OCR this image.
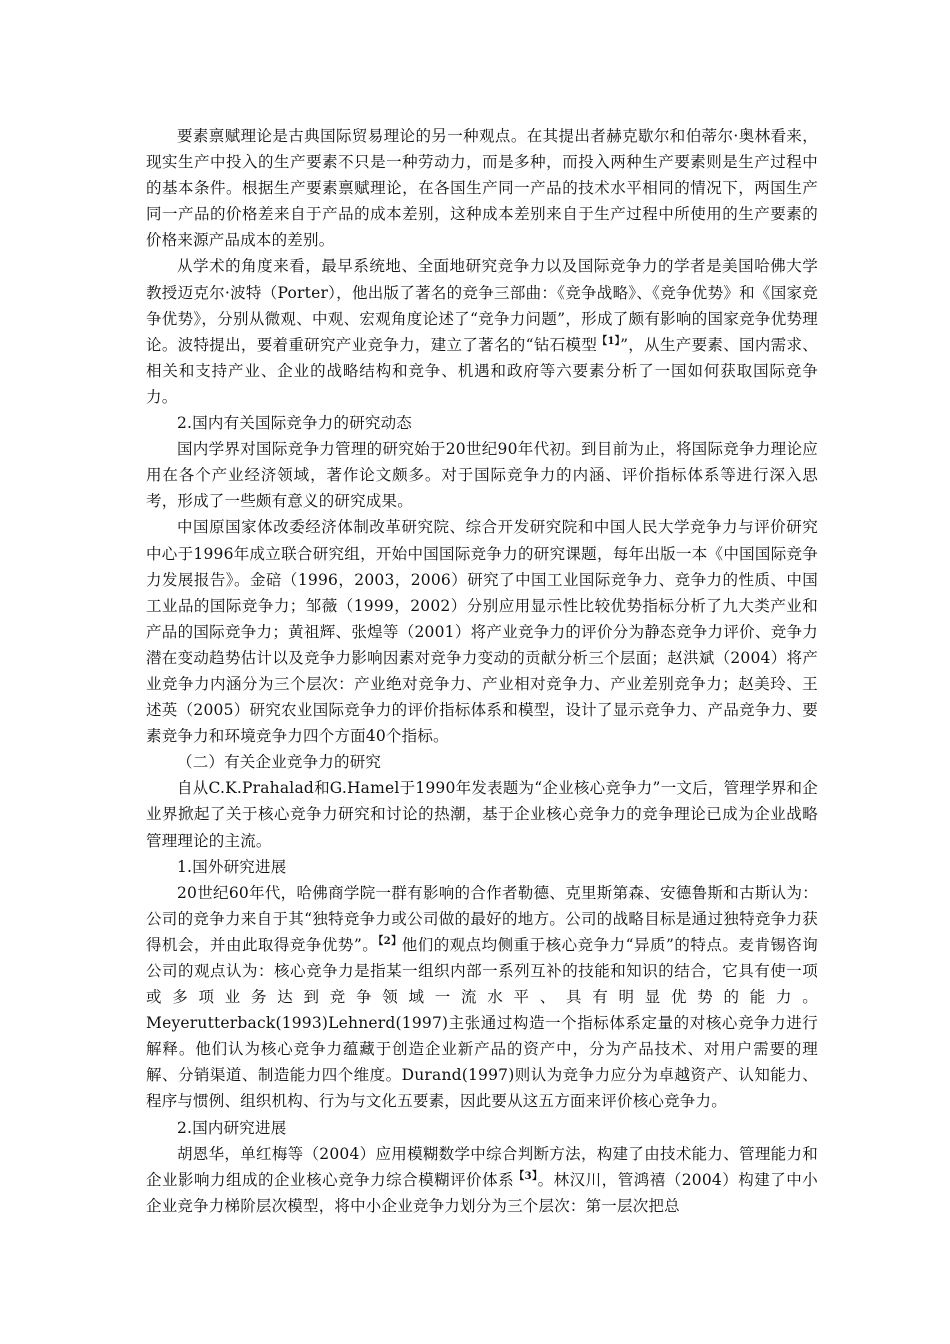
要素禀赋理论是古典国际贸易理论的另一种观点。在其提出者赫克歇尔和伯蒂尔·奥林看来，现实生产中投入的生产要素不只是一种劳动力，而是多种，而投入两种生产要素则是生产过程中的基本条件。根据生产要素禀赋理论，在各国生产同一产品的技术水平相同的情况下，两国生产同一产品的价格差来自于产品的成本差别，这种成本差别来自于生产过程中所使用的生产要素的价格来源产品成本的差别。

从学术的角度来看，最早系统地、全面地研究竞争力以及国际竞争力的学者是美国哈佛大学教授迈克尔·波特（Porter），他出版了著名的竞争三部曲：《竞争战略》、《竞争优势》和《国家竞争优势》，分别从微观、中观、宏观角度论述了“竞争力问题”，形成了颇有影响的国家竞争优势理论。波特提出，要着重研究产业竞争力，建立了著名的“钻石模型$^{【1】}$”，从生产要素、国内需求、相关和支持产业、企业的战略结构和竞争、机遇和政府等六要素分析了一国如何获取国际竞争力。

2.国内有关国际竞争力的研究动态

国内学界对国际竞争力管理的研究始于20世纪90年代初。到目前为止，将国际竞争力理论应用在各个产业经济领域，著作论文颇多。对于国际竞争力的内涵、评价指标体系等进行深入思考，形成了一些颇有意义的研究成果。

中国原国家体改委经济体制改革研究院、综合开发研究院和中国人民大学竞争力与评价研究中心于1996年成立联合研究组，开始中国国际竞争力的研究课题，每年出版一本《中国国际竞争力发展报告》。金碚（1996，2003，2006）研究了中国工业国际竞争力、竞争力的性质、中国工业品的国际竞争力；邹薇（1999，2002）分别应用显示性比较优势指标分析了九大类产业和产品的国际竞争力；黄祖辉、张煌等（2001）将产业竞争力的评价分为静态竞争力评价、竞争力潜在变动趋势估计以及竞争力影响因素对竞争力变动的贡献分析三个层面；赵洪斌（2004）将产业竞争力内涵分为三个层次：产业绝对竞争力、产业相对竞争力、产业差别竞争力；赵美玲、王述英（2005）研究农业国际竞争力的评价指标体系和模型，设计了显示竞争力、产品竞争力、要素竞争力和环境竞争力四个方面40个指标。

（二）有关企业竞争力的研究

自从C.K.Prahalad和G.Hamel于1990年发表题为“企业核心竞争力”一文后，管理学界和企业界掀起了关于核心竞争力研究和讨论的热潮，基于企业核心竞争力的竞争理论已成为企业战略管理理论的主流。

1.国外研究进展

20世纪60年代，哈佛商学院一群有影响的合作者勒德、克里斯第森、安德鲁斯和古斯认为：公司的竞争力来自于其“独特竞争力或公司做的最好的地方。公司的战略目标是通过独特竞争力获得机会，并由此取得竞争优势”。$^{【2】}$他们的观点均侧重于核心竞争力“异质”的特点。麦肯锡咨询公司的观点认为：核心竞争力是指某一组织内部一系列互补的技能和知识的结合，它具有使一项或多项业务达到竞争领域一流水平、具有明显优势的能力。Meyerutterback(1993)Lehnerd(1997)主张通过构造一个指标体系定量的对核心竞争力进行解释。他们认为核心竞争力蕴藏于创造企业新产品的资产中，分为产品技术、对用户需要的理解、分销渠道、制造能力四个维度。Durand(1997)则认为竞争力应分为卓越资产、认知能力、程序与惯例、组织机构、行为与文化五要素，因此要从这五方面来评价核心竞争力。

2.国内研究进展

胡恩华，单红梅等（2004）应用模糊数学中综合判断方法，构建了由技术能力、管理能力和企业影响力组成的企业核心竞争力综合模糊评价体系$^{【3】}$。林汉川，管鸿禧（2004）构建了中小企业竞争力梯阶层次模型，将中小企业竞争力划分为三个层次：第一层次把总
